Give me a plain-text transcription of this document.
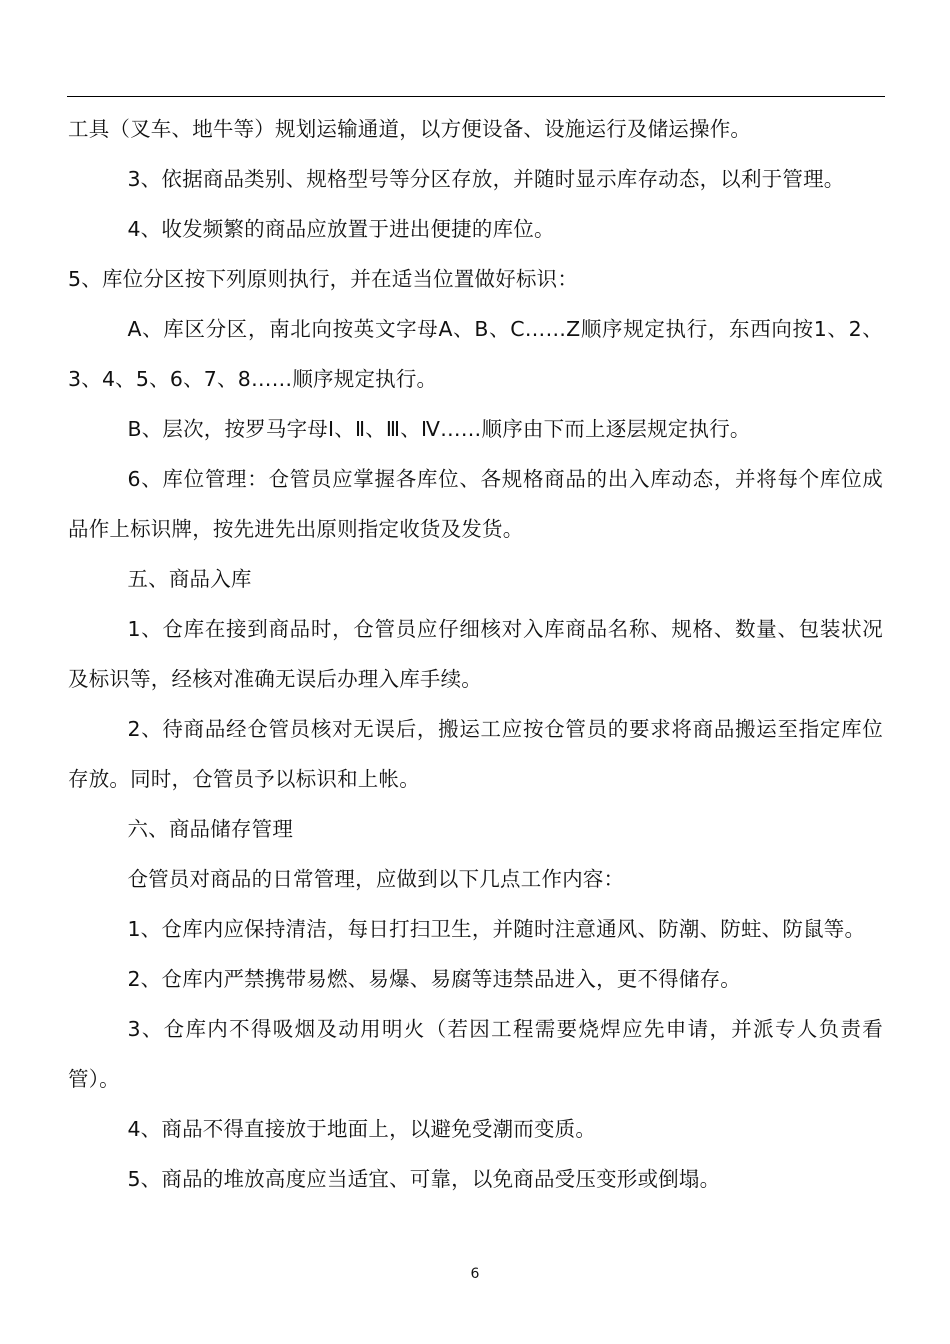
工具（叉车、地牛等）规划运输通道，以方便设备、设施运行及储运操作。

3、依据商品类别、规格型号等分区存放，并随时显示库存动态，以利于管理。

4、收发频繁的商品应放置于进出便捷的库位。

5、库位分区按下列原则执行，并在适当位置做好标识：

A、库区分区，南北向按英文字母A、B、C……Z顺序规定执行，东西向按1、2、3、4、5、6、7、8……顺序规定执行。

B、层次，按罗马字母Ⅰ、Ⅱ、Ⅲ、Ⅳ……顺序由下而上逐层规定执行。

6、库位管理：仓管员应掌握各库位、各规格商品的出入库动态，并将每个库位成品作上标识牌，按先进先出原则指定收货及发货。

五、商品入库

1、仓库在接到商品时，仓管员应仔细核对入库商品名称、规格、数量、包装状况及标识等，经核对准确无误后办理入库手续。

2、待商品经仓管员核对无误后，搬运工应按仓管员的要求将商品搬运至指定库位存放。同时，仓管员予以标识和上帐。

六、商品储存管理

仓管员对商品的日常管理，应做到以下几点工作内容：

1、仓库内应保持清洁，每日打扫卫生，并随时注意通风、防潮、防蛀、防鼠等。

2、仓库内严禁携带易燃、易爆、易腐等违禁品进入，更不得储存。

3、仓库内不得吸烟及动用明火（若因工程需要烧焊应先申请，并派专人负责看管）。

4、商品不得直接放于地面上，以避免受潮而变质。

5、商品的堆放高度应当适宜、可靠，以免商品受压变形或倒塌。

6
